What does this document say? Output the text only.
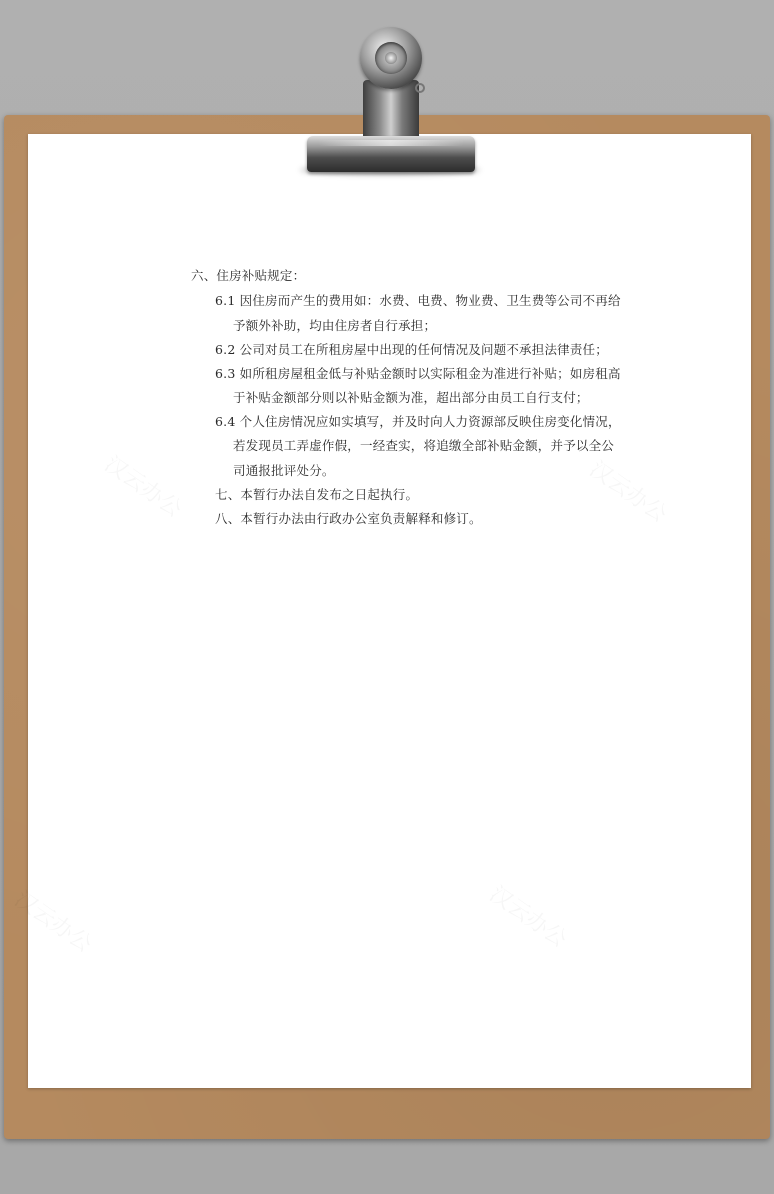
六、住房补贴规定：
6.1 因住房而产生的费用如：水费、电费、物业费、卫生费等公司不再给
予额外补助，均由住房者自行承担；
6.2 公司对员工在所租房屋中出现的任何情况及问题不承担法律责任；
6.3 如所租房屋租金低与补贴金额时以实际租金为准进行补贴；如房租高
于补贴金额部分则以补贴金额为准，超出部分由员工自行支付；
6.4 个人住房情况应如实填写，并及时向人力资源部反映住房变化情况，
若发现员工弄虚作假，一经查实，将追缴全部补贴金额，并予以全公
司通报批评处分。
七、本暂行办法自发布之日起执行。
八、本暂行办法由行政办公室负责解释和修订。
